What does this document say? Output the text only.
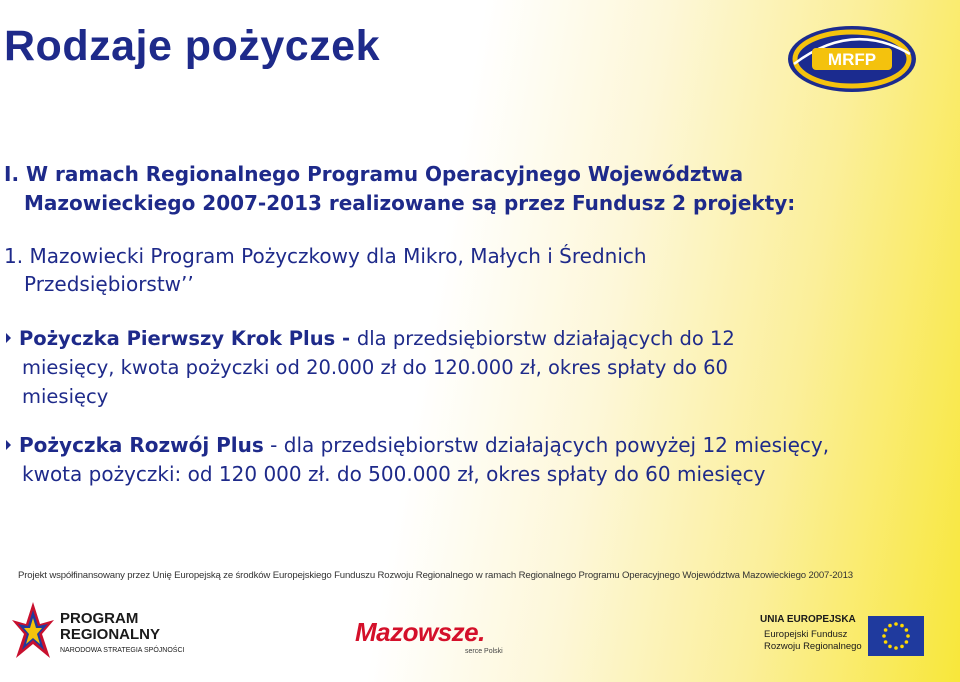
Rodzaje pożyczek	MRFP

I. W ramach Regionalnego Programu Operacyjnego Województwa
Mazowieckiego 2007-2013 realizowane są przez Fundusz 2 projekty:

1. Mazowiecki Program Pożyczkowy dla Mikro, Małych i Średnich
Przedsiębiorstw’’

Pożyczka Pierwszy Krok Plus - dla przedsiębiorstw działających do 12
miesięcy, kwota pożyczki od 20.000 zł do 120.000 zł, okres spłaty do 60
miesięcy

Pożyczka Rozwój Plus - dla przedsiębiorstw działających powyżej 12 miesięcy,
kwota pożyczki: od 120 000 zł. do 500.000 zł, okres spłaty do 60 miesięcy

Projekt współfinansowany przez Unię Europejską ze środków Europejskiego Funduszu Rozwoju Regionalnego w ramach Regionalnego Programu Operacyjnego Województwa Mazowieckiego 2007-2013
PROGRAM
REGIONALNY
NARODOWA STRATEGIA SPÓJNOŚCI
Mazowsze.
serce Polski
UNIA EUROPEJSKA
Europejski Fundusz
Rozwoju Regionalnego
